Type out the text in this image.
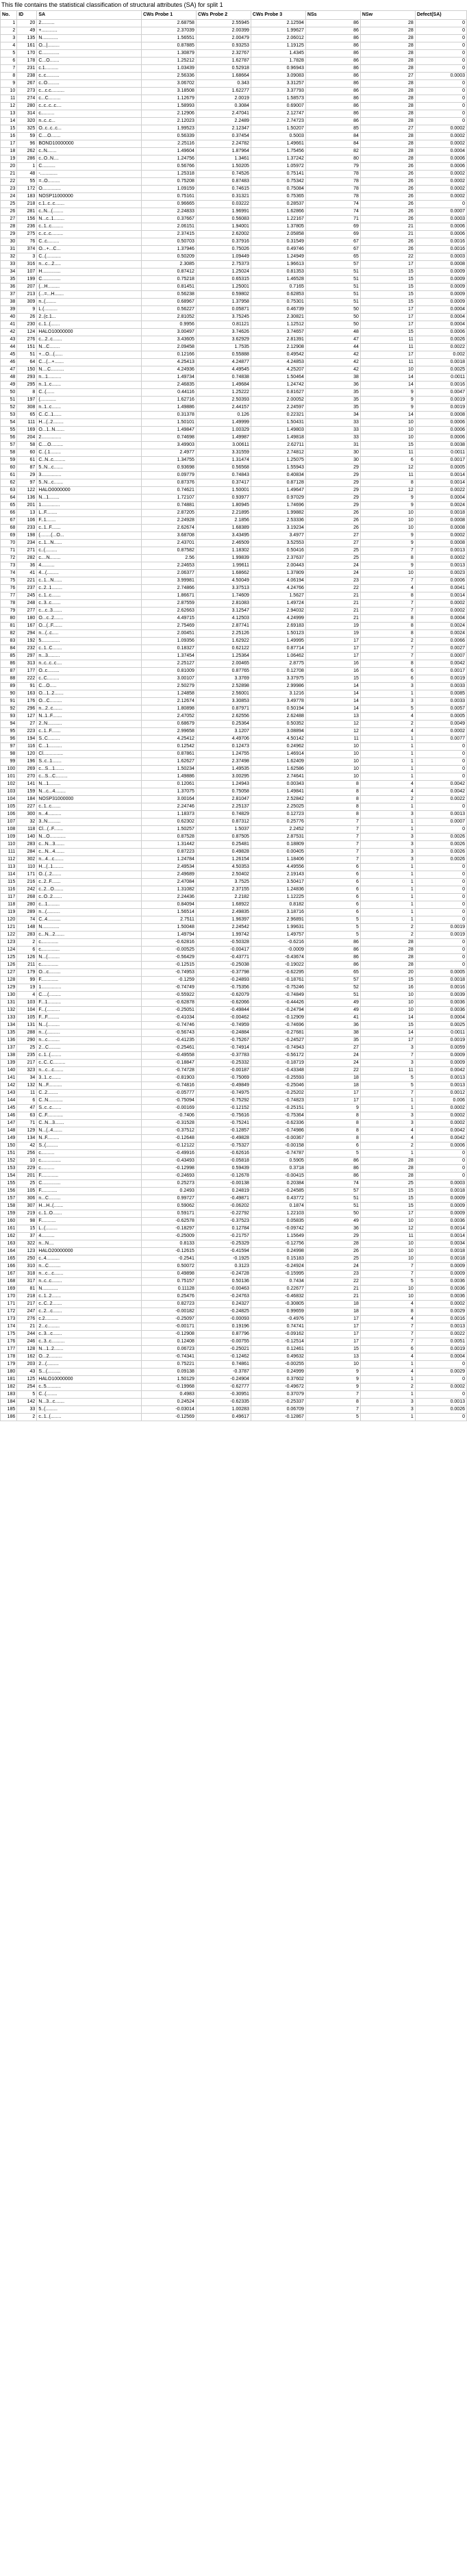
This file contains the statistical classification of structural attributes (SA) for split 1
No.	ID	SA	CWs Probe 1	CWs Probe 2	CWs Probe 3	NSs	NSw	Defect(SA)
1	20	2..........	2.68758	2.55945	2.12594	86	28	0
2	49	+............	2.37039	2.00399	1.99627	86	28	0
3	135	N............	1.56551	2.00479	2.06012	86	28	0
4	161	O...|.........	0.87885	0.93253	1.19125	86	28	0
5	170	C.............	1.30879	2.32767	1.4345	86	28	0
6	178	C...O.......	1.25212	1.62787	1.7828	86	28	0
7	231	c.1..........	1.03439	0.52918	0.96943	86	28	0
8	238	c..c..........	2.56336	1.68664	3.09083	86	27	0.0003
9	267	c..O.........	3.06702	0.343	3.31257	86	28	0
10	273	c...c.c..........	3.18508	1.62277	3.37793	86	28	0
11	274	c...C.........	1.12679	2.0019	1.58573	86	28	0
12	280	c..c..c..c....	1.58993	0.3084	0.69007	86	28	0
13	314	c..........	2.12906	2.47041	2.12747	86	28	0
14	320	n..c..c...	2.12023	2.2489	2.74723	86	28	0
15	325	O..c..c..c...	1.99523	2.12347	1.50207	85	27	0.0002
16	59	C....O.......	0.56339	0.37454	0.5003	84	28	0.0002
17	96	BOND10000000	2.25116	2.24782	1.49661	84	28	0.0002
18	262	c..N.......	1.49604	1.87964	1.75456	82	28	0.0004
19	286	c..O..N....	1.24756	1.3461	1.37242	80	28	0.0006
20	1	C..........	0.56766	1.50205	1.05972	79	26	0.0006
21	48	-.............	1.25318	0.74526	0.75141	78	26	0.0002
22	55	=..O.........	0.75208	0.87483	0.75342	78	26	0.0002
23	172	O..............	1.09159	0.74615	0.75084	78	26	0.0002
24	183	NOSP11000000	0.75161	0.31321	0.75365	78	26	0.0002
25	218	c.1..c..c.......	0.96665	0.03222	0.28537	74	26	0
26	281	c..N...(........	2.24833	1.96991	1.62866	74	26	0.0007
27	156	N...c..1........	0.37667	0.56083	1.22167	71	26	0.0003
28	236	c..1..c.........	2.06151	1.94001	1.37805	69	21	0.0006
29	275	c..c..c.........	2.37415	2.62002	2.05858	69	21	0.0006
30	76	C..c.........	0.50703	0.37916	0.31549	67	26	0.0016
31	374	O...+...C...	1.37946	0.75026	0.49746	67	26	0.0016
32	3	C..(...........	0.50209	1.09449	1.24949	65	22	0.0003
33	316	n...c...2.....	2.3085	2.75373	1.96613	57	17	0.0008
34	107	H..............	0.87412	1.25024	0.81353	51	15	0.0009
35	199	C..............	0.75218	0.65315	1.46528	51	15	0.0009
36	207	(...H.........	0.81451	1.25001	0.7165	51	15	0.0009
37	213	(...=...H.......	0.56238	0.59802	0.62853	51	15	0.0009
38	309	n..(........	0.68967	1.37958	0.75301	51	15	0.0009
39	9	L.(..........	0.56227	0.05871	0.46739	50	17	0.0004
40	26	2..(c.1...	2.81052	3.75245	2.30821	50	17	0.0004
41	230	c..1..(.......	0.9956	0.81121	1.12512	50	17	0.0004
42	124	HALO10000000	3.00497	3.74626	3.74657	48	15	0.0006
43	276	c...2..c.......	3.43605	3.62929	2.81391	47	11	0.0026
44	151	N...C........	2.09458	1.7535	2.12908	44	11	0.0022
45	51	+...O...(......	0.12166	0.55888	0.49542	42	17	0.002
46	64	C...(...+.......	4.25413	4.24877	4.24853	42	11	0.0018
47	150	N....C..........	4.24936	4.49545	4.25207	42	10	0.0025
48	293	n...1..........	1.49734	0.74838	1.50464	38	14	0.0011
49	295	n..1..c.......	2.46835	1.49684	1.24742	36	14	0.0016
50	8	C..(......	0.44116	1.25222	0.81627	35	9	0.0047
51	197	(............	1.62716	2.50393	2.00052	35	9	0.0019
52	308	n..1..c.......	1.49886	2.44157	2.24597	35	9	0.0019
53	65	C..C..1......	0.31378	0.126	0.22321	34	14	0.0008
54	111	H...(..2........	1.50101	1.49999	1.50431	33	10	0.0006
55	169	O...1..N.......	1.49847	1.00329	1.49803	33	10	0.0006
56	204	2...............	0.74698	1.49987	1.49818	33	10	0.0006
57	58	C....O.........	3.49903	3.00611	2.62711	31	15	0.0038
58	60	C..(.1........	2.4977	3.31559	2.74812	30	11	0.0011
59	61	C..N..c.........	1.34755	1.31474	1.25075	30	6	0.0017
60	87	5..N...c.......	0.93698	0.56568	1.55943	29	12	0.0005
61	29	3...............	0.09779	0.74843	0.40834	29	11	0.0014
62	97	5..N...c.......	0.87376	0.37417	0.87128	29	8	0.0014
63	122	HALO0000000	0.74621	1.50001	1.49647	29	12	0.0022
64	136	N...1........	1.72107	0.93977	0.97029	29	9	0.0004
65	201	1..............	0.74881	1.80945	1.74696	29	9	0.0024
66	13	L..F........	2.87205	2.21895	1.99882	26	10	0.0018
67	106	F..1.......	2.24928	2.1856	2.53336	26	10	0.0008
68	233	c..1..F.......	2.62674	1.68389	3.19234	26	10	0.0008
69	198	(........(...O...	3.68708	3.43495	3.4977	27	9	0.0002
70	234	c..1...N......	2.43701	2.46509	3.52553	27	9	0.0008
71	271	c..(.........	0.87582	1.18302	0.50416	25	7	0.0013
72	282	c....N........	2.56	1.99839	2.37637	25	8	0.0002
73	36	4..........	2.24653	1.99611	2.00443	24	9	0.0013
74	41	4...(.........	2.06377	1.68662	1.37809	24	10	0.0023
75	221	c..1...N......	3.99981	4.50049	4.06194	23	7	0.0006
76	237	c..2..1........	2.74866	3.37513	4.24766	22	4	0.0041
77	245	c..1..c.......	1.86671	1.74609	1.5627	21	8	0.0014
78	248	c..3..c.......	2.87559	2.81083	1.49724	21	7	0.0002
79	277	c...c..3.......	2.62663	3.12547	2.94032	21	7	0.0002
80	180	O...c..2.......	4.49715	4.12503	4.24999	21	8	0.0004
81	167	O...(..F.......	2.75469	2.87741	2.69183	19	8	0.0024
82	294	n...(..c.....	2.00451	2.25126	1.50123	19	8	0.0024
83	192	5..............	1.09356	1.62922	1.49995	17	2	0.0066
84	232	c..1..C.......	0.18327	0.62122	0.87714	17	7	0.0027
85	297	n...3.........	1.37454	1.25364	1.06462	17	7	0.0007
86	313	n..c..c..c....	2.25127	2.00465	2.8775	16	8	0.0042
87	177	O..c.........	0.81009	0.87765	0.12708	16	6	0.0017
88	222	c..C.........	3.00107	3.3769	3.37975	15	6	0.0019
89	91	C...O.....	2.50279	2.52898	2.99986	14	3	0.0033
90	163	O...1..2.......	1.24858	2.56001	3.1216	14	1	0.0085
91	176	O...C.........	2.12674	3.30853	3.49778	14	3	0.0033
92	296	n...2..c.......	1.80898	0.87971	0.50194	14	5	0.0057
93	127	N..1..F.......	2.47052	2.62556	2.62488	13	4	0.0005
94	27	2..N...........	0.68679	0.25364	0.50352	12	2	0.0049
95	223	c..1..F.......	2.99658	3.1207	3.08894	12	4	0.0002
96	194	S..C.........	4.25412	4.49706	4.50142	11	1	0.0077
97	116	C...1..........	0.12542	0.12473	0.24962	10	1	0
98	120	Cl...............	0.87861	1.24755	1.46914	10	1	0
99	196	S..c..1.......	1.62627	2.37498	1.62409	10	1	0
100	269	c...S...1.......	1.50234	1.49535	1.62586	10	1	0
101	270	c...S...C.........	1.49886	3.00295	2.74641	10	1	0
102	141	N...1.........	0.12061	1.24943	0.00343	8	4	0.0042
103	159	N...c...4........	1.37075	0.75058	1.49841	8	4	0.0042
104	184	NOSP31000000	3.00164	2.81047	2.52842	8	2	0.0022
105	227	c..1..c.......	2.24746	2.25137	2.25025	8	1	0
106	300	n...4..........	1.18373	0.74829	0.12723	8	3	0.0013
107	32	3..N..........	0.62302	0.87312	0.25776	7	1	0.0007
108	118	Cl...(..F.......	1.50257	1.5037	2.2452	7	1	0
109	140	N...O............	0.87528	0.87505	2.87531	7	3	0.0026
110	283	c...N...3.......	1.31442	0.25481	0.18809	7	3	0.0026
111	284	c...N...4.......	0.87223	0.49828	0.00405	7	3	0.0026
112	302	n...4...c.......	1.24784	1.26154	1.18406	7	3	0.0026
113	110	H...(..1........	2.49534	4.50353	4.49556	6	1	0
114	171	O..(..2.......	2.49689	2.50402	2.19143	6	1	0
115	216	c..2..F.......	2.47084	3.7525	3.50417	6	1	0
116	242	c..2...O.......	1.31082	2.37155	1.24836	6	1	0
117	268	c..O..2.......	2.24436	2.2182	1.12225	6	1	0
118	280	c...1.........	0.84094	1.68922	0.8182	6	1	0
119	289	n...(..........	1.56514	2.49835	3.18716	6	1	0
120	74	C..4..........	2.7511	1.96397	2.96891	5	1	0
121	148	N.............	1.50048	2.24542	1.99631	5	2	0.0019
122	283	c...N...2.......	1.49794	1.99742	1.49757	5	2	0.0019
123	2	c.............	-0.62816	-0.50328	-0.6216	86	28	0
124	6	c..............	-0.00525	-0.00417	-0.0009	86	28	0
125	126	N...(.........	-0.56429	-0.43771	-0.43674	86	28	0
126	211	c.............	-0.12515	-0.25038	-0.19022	86	28	0
127	179	O...c.........	-0.74953	-0.37798	-0.62295	65	20	0.0005
128	99	F.............	-0.1259	-0.24893	-0.18761	57	15	0.0018
129	19	1...............	-0.74749	-0.75356	-0.75246	52	16	0.0016
130	4	C....(.........	-0.55922	-0.62079	-0.74849	51	10	0.0039
131	103	F...1..........	-0.62878	-0.62066	-0.44426	49	10	0.0036
132	104	F...(..........	-0.25051	-0.49844	-0.24794	49	10	0.0036
133	105	F...F.........	-0.41034	-0.00462	-0.12909	41	14	0.0004
134	131	N...(.........	-0.74746	-0.74959	-0.74696	36	15	0.0025
135	288	n...(..........	-0.56743	-0.24884	-0.27681	38	14	0.0011
136	290	n...c.........	-0.41235	-0.75267	-0.24527	35	17	0.0019
137	25	2...C.........	-0.25461	-0.74914	-0.74943	27	3	0.0059
138	235	c..1..(........	-0.49558	-0.37783	-0.56172	24	7	0.0009
139	217	c..C..C.........	-0.18847	-0.25332	-0.18719	24	3	0.0009
140	323	n...c...c.......	-0.74728	-0.00187	-0.43348	22	11	0.0042
141	34	3..1..c.......	-0.81903	-0.75069	-0.25593	18	5	0.0013
142	132	N...F..........	-0.74816	-0.49849	-0.25046	18	5	0.0013
143	11	C..2........	-0.05777	-0.74975	-0.25202	17	7	0.0012
144	6	C..N...........	-0.75094	-0.75292	-0.74823	17	1	0.006
145	47	S..c..c.......	-0.00169	-0.12152	-0.25151	9	1	0.0002
146	63	C..F............	-0.7406	-0.75616	-0.75364	8	3	0.0002
147	71	C..N...3.......	-0.31528	-0.75241	-0.62336	8	3	0.0002
148	129	N...(..4.......	-0.37512	-0.12857	-0.74986	8	4	0.0042
149	134	N..F.........	-0.12648	-0.49828	-0.00367	8	4	0.0042
150	42	S..(.........	-0.12122	-0.75327	-0.00158	6	2	0.0006
151	256	c..........	-0.49916	-0.62616	-0.74787	5	1	0
152	10	c...............	-0.43493	-0.05818	0.5905	86	28	0
153	229	c..........	-0.12998	0.59439	0.3718	86	28	0
154	201	F.............	-0.24693	-0.12678	-0.00415	86	28	0
155	25	C..............	0.25273	-0.00138	0.20384	74	25	0.0003
156	105	F............	0.2493	0.24819	-0.24585	57	15	0.0018
157	306	n...C.........	0.99727	-0.49871	0.43772	51	15	0.0009
158	307	H...H..(.......	0.59062	-0.06202	0.1874	51	15	0.0009
159	219	c..1..O.......	0.59171	-0.22792	1.22103	50	17	0.0009
160	98	F...........	-0.62578	-0.37523	0.05835	49	10	0.0036
161	15	L..(.........	-0.18297	0.12784	-0.09742	36	12	0.0014
162	37	4..........	-0.25009	-0.21757	1.15649	29	11	0.0014
163	322	n...N....	0.8133	-0.25329	-0.12756	28	10	0.0034
164	123	HALO20000000	-0.12615	-0.41594	0.24998	26	10	0.0018
165	250	c..4..........	-0.2541	-0.1925	0.15183	25	10	0.0018
166	310	n...C.........	0.50072	0.3123	-0.24924	24	7	0.0009
167	318	n...c...c.......	0.49898	-0.24728	-0.15995	23	7	0.0009
168	317	n..c..c........	0.75157	0.50136	0.7434	22	5	0.0036
169	81	N............	0.11128	-0.00463	0.22677	21	10	0.0036
170	218	c..1..2.......	0.25476	-0.24763	-0.46832	21	10	0.0036
171	217	c..C..2.......	0.82723	0.24327	-0.30805	18	4	0.0002
172	247	c..2...c.......	-0.00182	-0.24825	0.99659	18	8	0.0029
173	276	c.2..........	-0.25097	-0.00093	-0.4976	17	4	0.0016
174	21	2...c.........	-0.00171	0.19196	0.74741	17	7	0.0013
175	244	c..3...c.......	-0.12908	0.87796	-0.09162	17	7	0.0022
176	246	c..3..c..........	0.12408	-0.00755	-0.12514	17	7	0.0051
177	128	N...1..2.......	0.06723	-0.25021	0.12461	15	6	0.0019
178	162	O...2..........	-0.74341	-0.12462	0.49632	13	4	0.0004
179	203	2...(.........	0.75221	0.74861	-0.00255	10	1	0
180	43	S...(..........	0.09138	-0.3787	0.24999	9	4	0.0029
181	125	HALO10000000	1.50129	-0.24904	0.37602	9	1	0
182	254	c..5...........	-0.19968	-0.62777	-0.49672	9	2	0.0002
183	5	C..(........	0.4983	-0.30951	0.37079	7	1	0
184	142	N...3...c.......	0.24524	-0.62335	-0.25337	8	3	0.0013
185	33	5..(.........	-0.03014	1.00283	0.06709	7	3	0.0026
186	2	c..1..(........	-0.12569	0.49617	-0.12867	5	1	0
